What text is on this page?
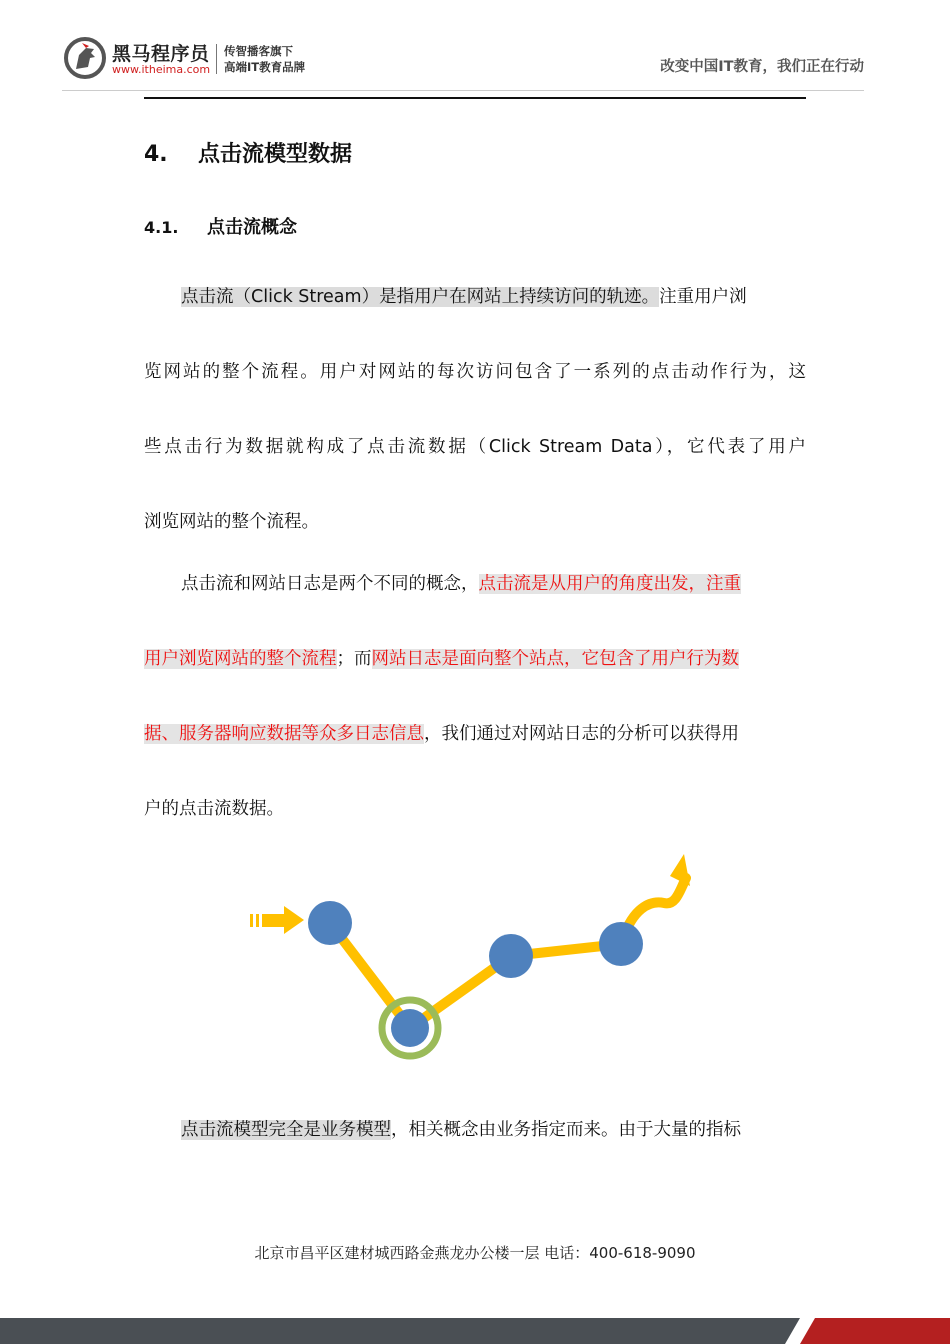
黑马程序员
www.itheima.com
传智播客旗下
高端IT教育品牌	改变中国IT教育，我们正在行动
4. 点击流模型数据
4.1. 点击流概念
点击流（Click Stream）是指用户在网站上持续访问的轨迹。注重用户浏
览网站的整个流程。用户对网站的每次访问包含了一系列的点击动作行为，这
些点击行为数据就构成了点击流数据（Click Stream Data），它代表了用户
浏览网站的整个流程。
点击流和网站日志是两个不同的概念，点击流是从用户的角度出发，注重
用户浏览网站的整个流程；而网站日志是面向整个站点，它包含了用户行为数
据、服务器响应数据等众多日志信息，我们通过对网站日志的分析可以获得用
户的点击流数据。
点击流模型完全是业务模型，相关概念由业务指定而来。由于大量的指标
北京市昌平区建材城西路金燕龙办公楼一层 电话：400-618-9090
